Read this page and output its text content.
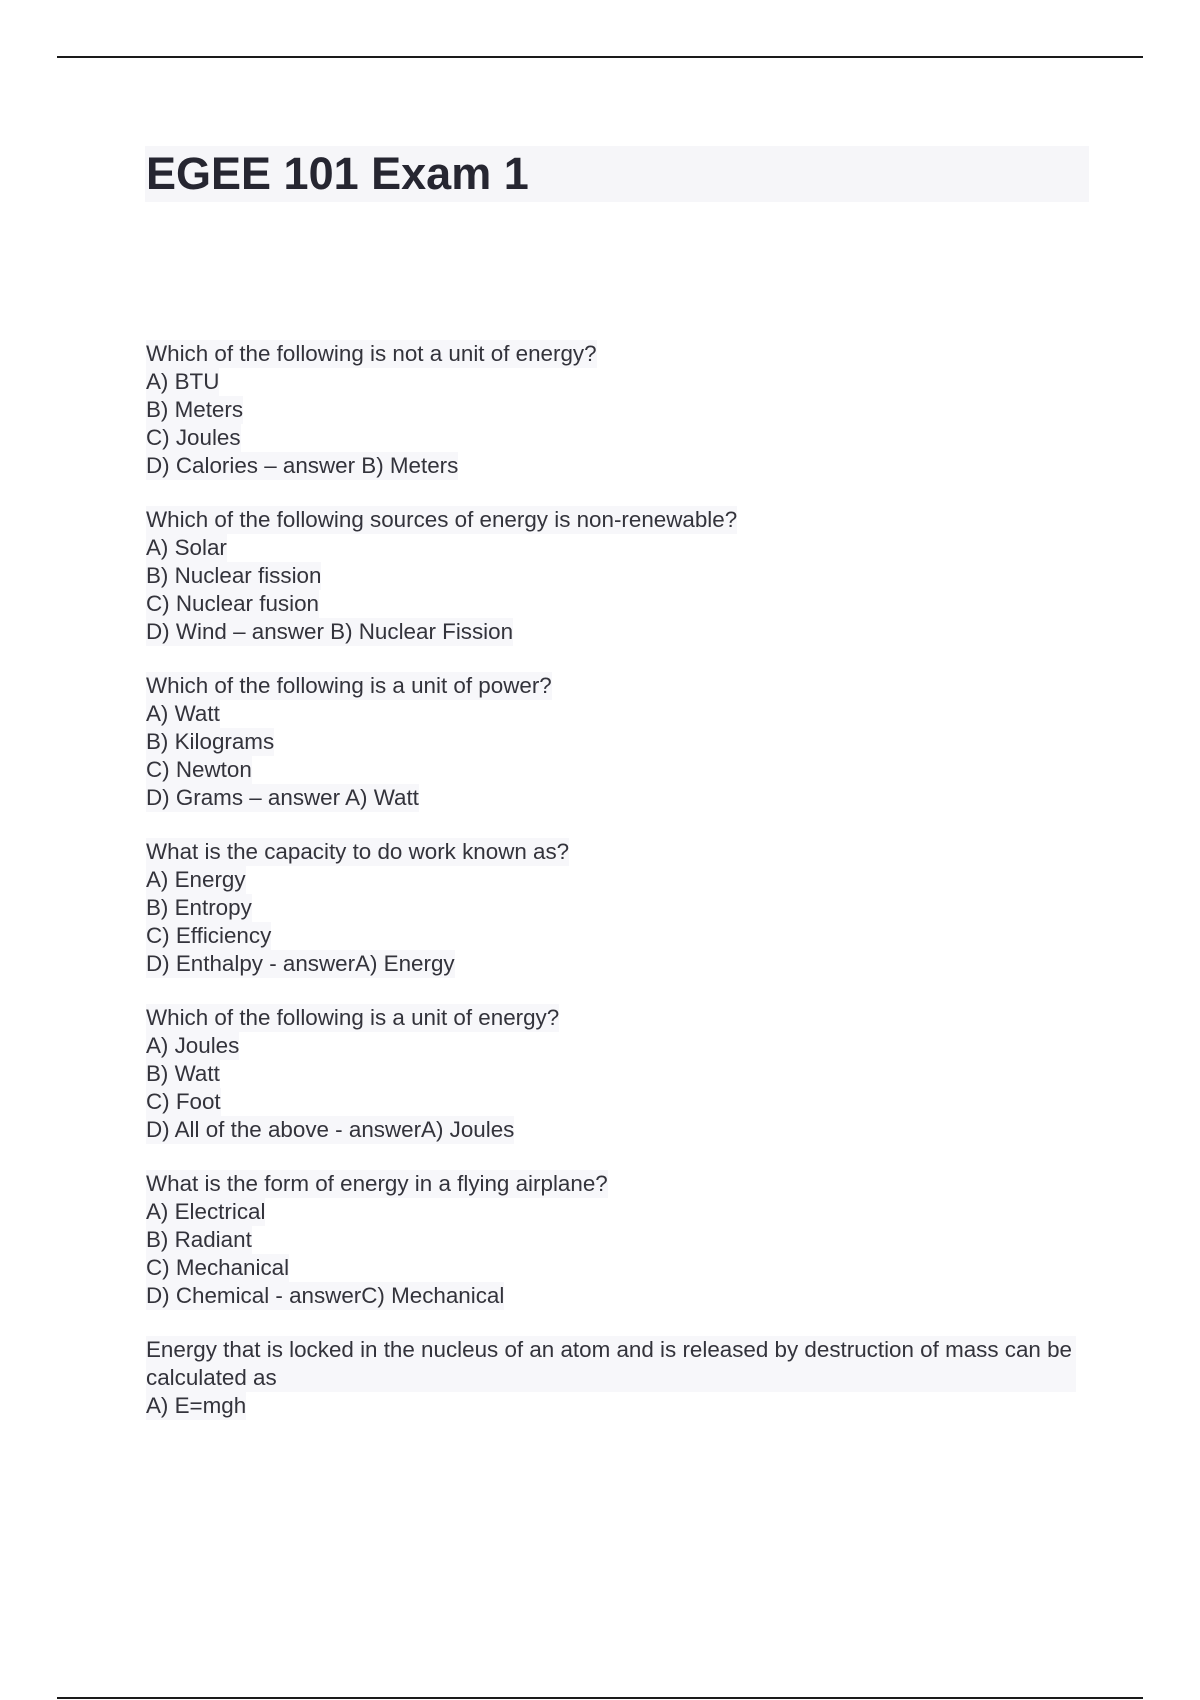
EGEE 101 Exam 1
Which of the following is not a unit of energy?
A) BTU
B) Meters
C) Joules
D) Calories – answer B) Meters
Which of the following sources of energy is non-renewable?
A) Solar
B) Nuclear fission
C) Nuclear fusion
D) Wind – answer B) Nuclear Fission
Which of the following is a unit of power?
A) Watt
B) Kilograms
C) Newton
D) Grams – answer A) Watt
What is the capacity to do work known as?
A) Energy
B) Entropy
C) Efficiency
D) Enthalpy - answerA) Energy
Which of the following is a unit of energy?
A) Joules
B) Watt
C) Foot
D) All of the above - answerA) Joules
What is the form of energy in a flying airplane?
A) Electrical
B) Radiant
C) Mechanical
D) Chemical - answerC) Mechanical
Energy that is locked in the nucleus of an atom and is released by destruction of mass can be calculated as
A) E=mgh
